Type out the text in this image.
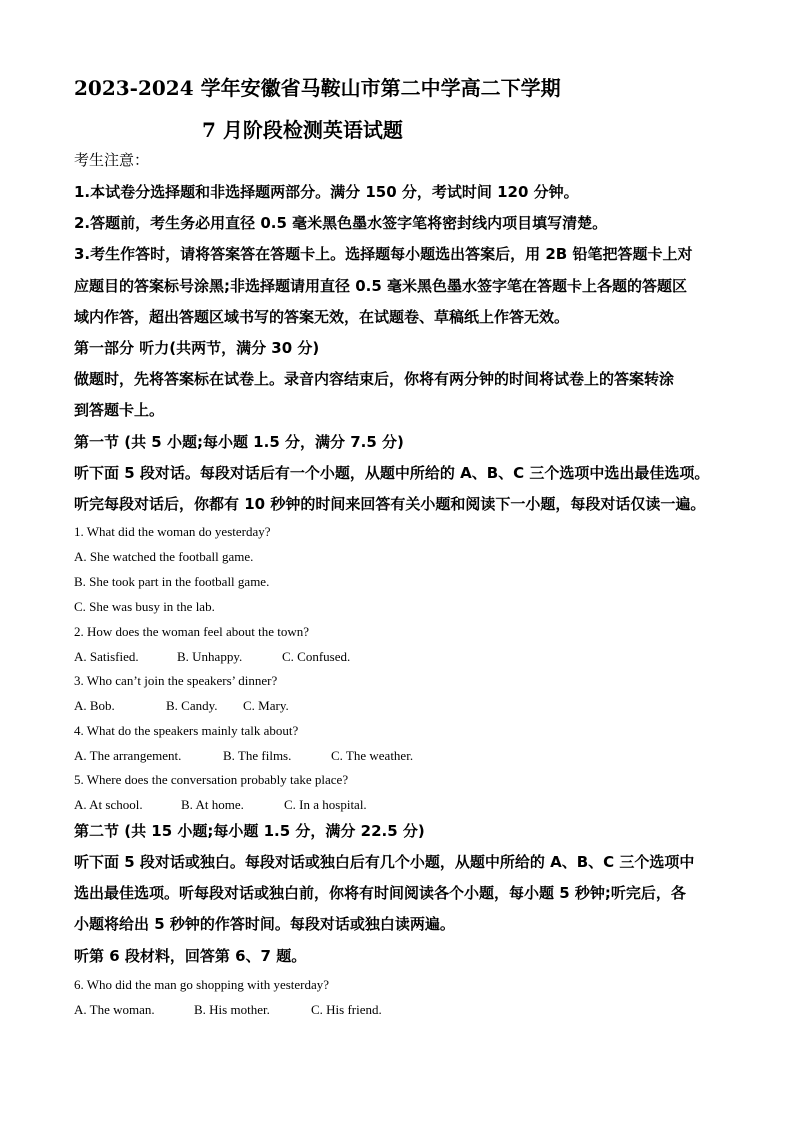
2023-2024 学年安徽省马鞍山市第二中学高二下学期
7 月阶段检测英语试题
考生注意：
1.本试卷分选择题和非选择题两部分。满分 150 分，考试时间 120 分钟。
2.答题前，考生务必用直径 0.5 毫米黑色墨水签字笔将密封线内项目填写清楚。
3.考生作答时，请将答案答在答题卡上。选择题每小题选出答案后，用 2B 铅笔把答题卡上对
应题目的答案标号涂黑;非选择题请用直径 0.5 毫米黑色墨水签字笔在答题卡上各题的答题区
域内作答，超出答题区域书写的答案无效，在试题卷、草稿纸上作答无效。
第一部分 听力(共两节，满分 30 分)
做题时，先将答案标在试卷上。录音内容结束后，你将有两分钟的时间将试卷上的答案转涂
到答题卡上。
第一节 (共 5 小题;每小题 1.5 分，满分 7.5 分)
听下面 5 段对话。每段对话后有一个小题，从题中所给的 A、B、C 三个选项中选出最佳选项。
听完每段对话后，你都有 10 秒钟的时间来回答有关小题和阅读下一小题，每段对话仅读一遍。
1. What did the woman do yesterday?
A. She watched the football game.
B. She took part in the football game.
C. She was busy in the lab.
2. How does the woman feel about the town?
A. Satisfied.	B. Unhappy.	C. Confused.
3. Who can’t join the speakers’ dinner?
A. Bob.	B. Candy. C. Mary.
4. What do the speakers mainly talk about?
A. The arrangement.	B. The films.	C. The weather.
5. Where does the conversation probably take place?
A. At school.	B. At home.	C. In a hospital.
第二节 (共 15 小题;每小题 1.5 分，满分 22.5 分)
听下面 5 段对话或独白。每段对话或独白后有几个小题，从题中所给的 A、B、C 三个选项中
选出最佳选项。听每段对话或独白前，你将有时间阅读各个小题，每小题 5 秒钟;听完后，各
小题将给出 5 秒钟的作答时间。每段对话或独白读两遍。
听第 6 段材料，回答第 6、7 题。
6. Who did the man go shopping with yesterday?
A. The woman.	B. His mother.	C. His friend.
